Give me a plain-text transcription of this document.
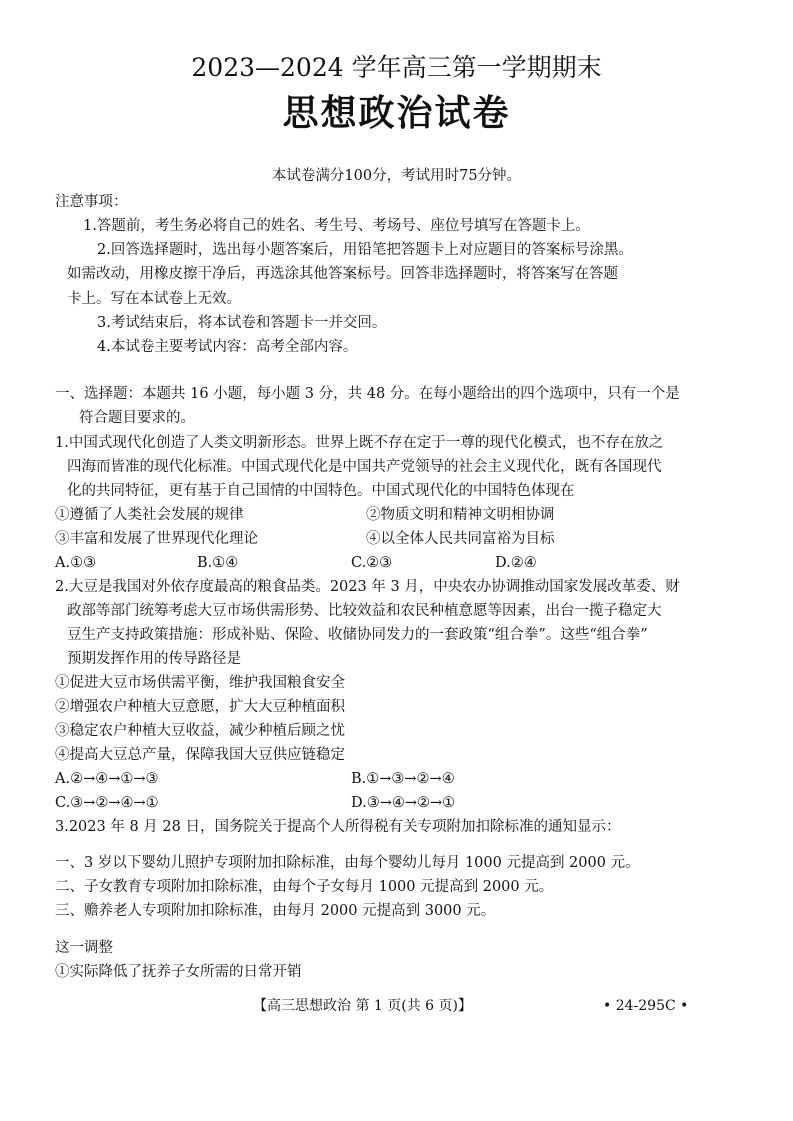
2023—2024 学年高三第一学期期末
思想政治试卷
本试卷满分100分，考试用时75分钟。
注意事项：
1.答题前，考生务必将自己的姓名、考生号、考场号、座位号填写在答题卡上。
2.回答选择题时，选出每小题答案后，用铅笔把答题卡上对应题目的答案标号涂黑。
如需改动，用橡皮擦干净后，再选涂其他答案标号。回答非选择题时，将答案写在答题
卡上。写在本试卷上无效。
3.考试结束后，将本试卷和答题卡一并交回。
4.本试卷主要考试内容：高考全部内容。
一、选择题：本题共 16 小题，每小题 3 分，共 48 分。在每小题给出的四个选项中，只有一个是
符合题目要求的。
1.中国式现代化创造了人类文明新形态。世界上既不存在定于一尊的现代化模式，也不存在放之
四海而皆准的现代化标准。中国式现代化是中国共产党领导的社会主义现代化，既有各国现代
化的共同特征，更有基于自己国情的中国特色。中国式现代化的中国特色体现在
①遵循了人类社会发展的规律	②物质文明和精神文明相协调
③丰富和发展了世界现代化理论	④以全体人民共同富裕为目标
A.①③	B.①④	C.②③	D.②④
2.大豆是我国对外依存度最高的粮食品类。2023 年 3 月，中央农办协调推动国家发展改革委、财
政部等部门统筹考虑大豆市场供需形势、比较效益和农民种植意愿等因素，出台一揽子稳定大
豆生产支持政策措施：形成补贴、保险、收储协同发力的一套政策“组合拳”。这些“组合拳”
预期发挥作用的传导路径是
①促进大豆市场供需平衡，维护我国粮食安全
②增强农户种植大豆意愿，扩大大豆种植面积
③稳定农户种植大豆收益，减少种植后顾之忧
④提高大豆总产量，保障我国大豆供应链稳定
A.②→④→①→③	B.①→③→②→④
C.③→②→④→①	D.③→④→②→①
3.2023 年 8 月 28 日，国务院关于提高个人所得税有关专项附加扣除标准的通知显示：
一、3 岁以下婴幼儿照护专项附加扣除标准，由每个婴幼儿每月 1000 元提高到 2000 元。
二、子女教育专项附加扣除标准，由每个子女每月 1000 元提高到 2000 元。
三、赡养老人专项附加扣除标准，由每月 2000 元提高到 3000 元。
这一调整
①实际降低了抚养子女所需的日常开销
【高三思想政治 第 1 页(共 6 页)】	• 24-295C •
